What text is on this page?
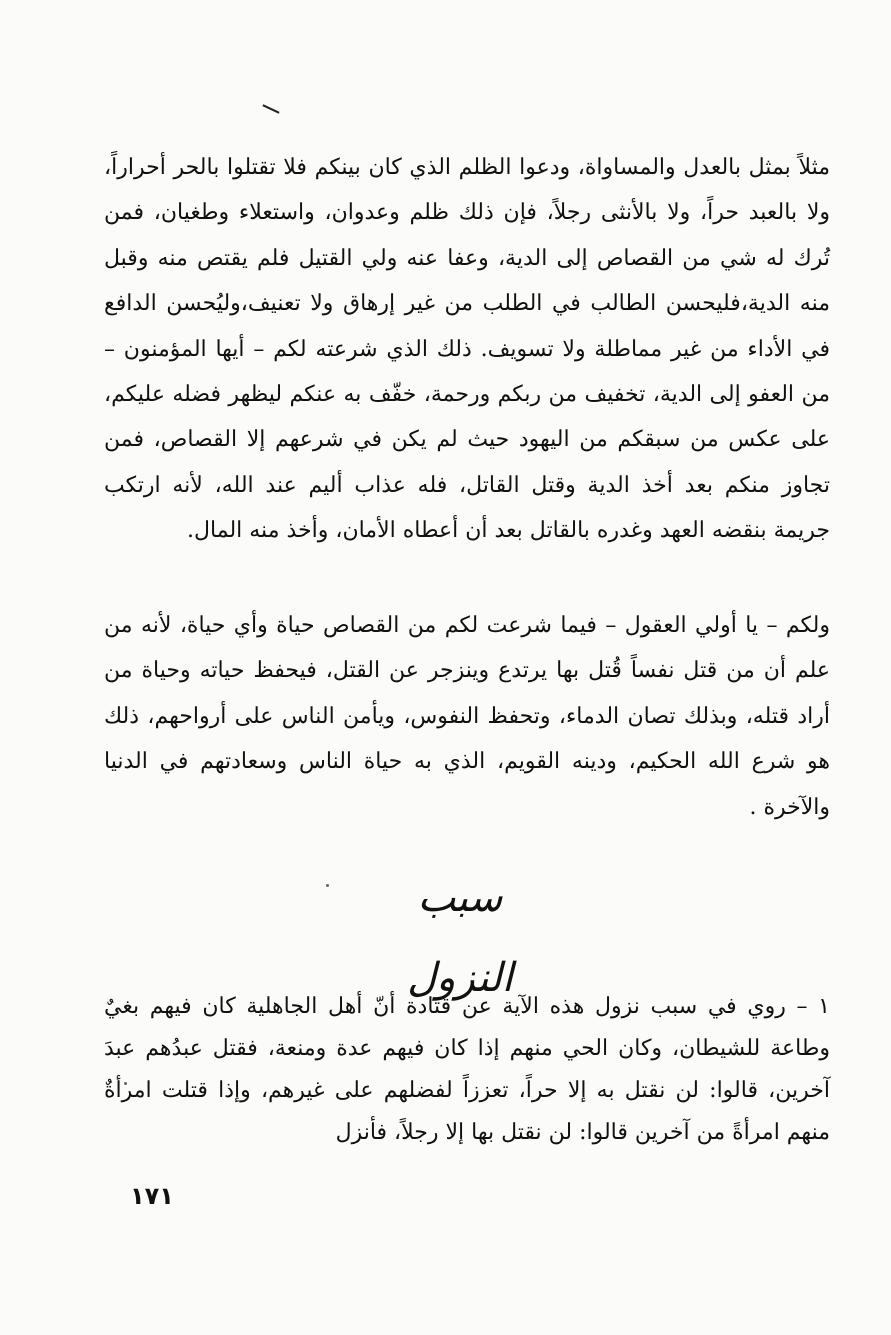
مثلاً بمثل بالعدل والمساواة، ودعوا الظلم الذي كان بينكم فلا تقتلوا بالحر أحراراً، ولا بالعبد حراً، ولا بالأنثى رجلاً، فإن ذلك ظلم وعدوان، واستعلاء وطغيان، فمن تُرك له شي من القصاص إلى الدية، وعفا عنه ولي القتيل فلم يقتص منه وقبل منه الدية،فليحسن الطالب في الطلب من غير إرهاق ولا تعنيف،وليُحسن الدافع في الأداء من غير مماطلة ولا تسويف. ذلك الذي شرعته لكم – أيها المؤمنون – من العفو إلى الدية، تخفيف من ربكم ورحمة، خفّف به عنكم ليظهر فضله عليكم، على عكس من سبقكم من اليهود حيث لم يكن في شرعهم إلا القصاص، فمن تجاوز منكم بعد أخذ الدية وقتل القاتل، فله عذاب أليم عند الله، لأنه ارتكب جريمة بنقضه العهد وغدره بالقاتل بعد أن أعطاه الأمان، وأخذ منه المال.

ولكم – يا أولي العقول – فيما شرعت لكم من القصاص حياة وأي حياة، لأنه من علم أن من قتل نفساً قُتل بها يرتدع وينزجر عن القتل، فيحفظ حياته وحياة من أراد قتله، وبذلك تصان الدماء، وتحفظ النفوس، ويأمن الناس على أرواحهم، ذلك هو شرع الله الحكيم، ودينه القويم، الذي به حياة الناس وسعادتهم في الدنيا والآخرة .

سبب النزول

١ – روي في سبب نزول هذه الآية عن قتادة أنّ أهل الجاهلية كان فيهم بغيٌ وطاعة للشيطان، وكان الحي منهم إذا كان فيهم عدة ومنعة، فقتل عبدُهم عبدَ آخرين، قالوا: لن نقتل به إلا حراً، تعززاً لفضلهم على غيرهم، وإذا قتلت امرأةٌ منهم امرأةً من آخرين قالوا: لن نقتل بها إلا رجلاً، فأنزل

١٧١
